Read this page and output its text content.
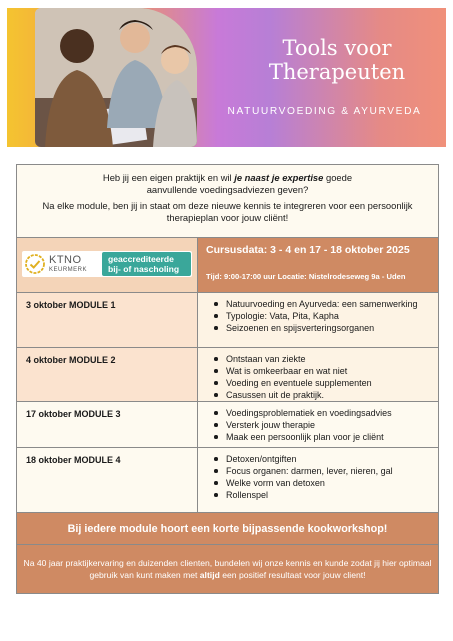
Tools voor
Therapeuten
NATUURVOEDING & AYURVEDA

Heb jij een eigen praktijk en wil je naast je expertise goede
aanvullende voedingsadviezen geven?

Na elke module, ben jij in staat om deze nieuwe kennis te integreren voor een persoonlijk therapieplan voor jouw cliënt!

KTNO
KEURMERK
geaccrediteerde
bij- of nascholing
Cursusdata: 3 - 4 en 17 - 18 oktober 2025
Tijd: 9:00-17:00 uur Locatie: Nistelrodeseweg 9a - Uden
3 oktober MODULE 1	Natuurvoeding en Ayurveda: een samenwerking
Typologie: Vata, Pita, Kapha
Seizoenen en spijsverteringsorganen
4 oktober MODULE 2	Ontstaan van ziekte
Wat is omkeerbaar en wat niet
Voeding en eventuele supplementen
Casussen uit de praktijk.
17 oktober MODULE 3	Voedingsproblematiek en voedingsadvies
Versterk jouw therapie
Maak een persoonlijk plan voor je cliënt
18 oktober MODULE 4	Detoxen/ontgiften
Focus organen: darmen, lever, nieren, gal
Welke vorm van detoxen
Rollenspel
Bij iedere module hoort een korte bijpassende kookworkshop!
Na 40 jaar praktijkervaring en duizenden clienten, bundelen wij onze kennis en kunde zodat jij hier optimaal gebruik van kunt maken met altijd een positief resultaat voor jouw client!
